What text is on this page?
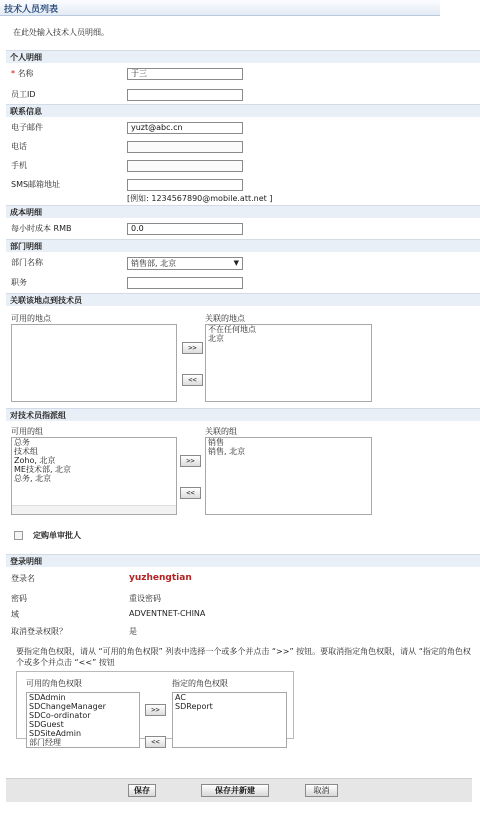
技术人员列表
在此处输入技术人员明细。
个人明细
* 名称	于三
员工ID
联系信息
电子邮件	yuzt@abc.cn
电话
手机
SMS邮箱地址
[例如: 1234567890@mobile.att.net ]
成本明细
每小时成本 RMB	0.0
部门明细
部门名称	销售部, 北京	▼
职务
关联该地点到技术员
可用的地点	关联的地点
不在任何地点
北京
>>
<<
对技术员指派组
可用的组
总务
技术组
Zoho, 北京
ME技术部, 北京
总务, 北京
关联的组
销售
销售, 北京
>>
<<
定购单审批人
登录明细
登录名	yuzhengtian
密码	重设密码
域	ADVENTNET-CHINA
取消登录权限？	是
要指定角色权限，请从 “可用的角色权限” 列表中选择一个或多个并点击 “>>” 按钮。要取消指定角色权限，请从 “指定的角色权
个或多个并点击 “<<” 按钮
可用的角色权限
SDAdmin
SDChangeManager
SDCo-ordinator
SDGuest
SDSiteAdmin
部门经理
>>
<<
指定的角色权限
AC
SDReport
保存	保存并新建	取消
